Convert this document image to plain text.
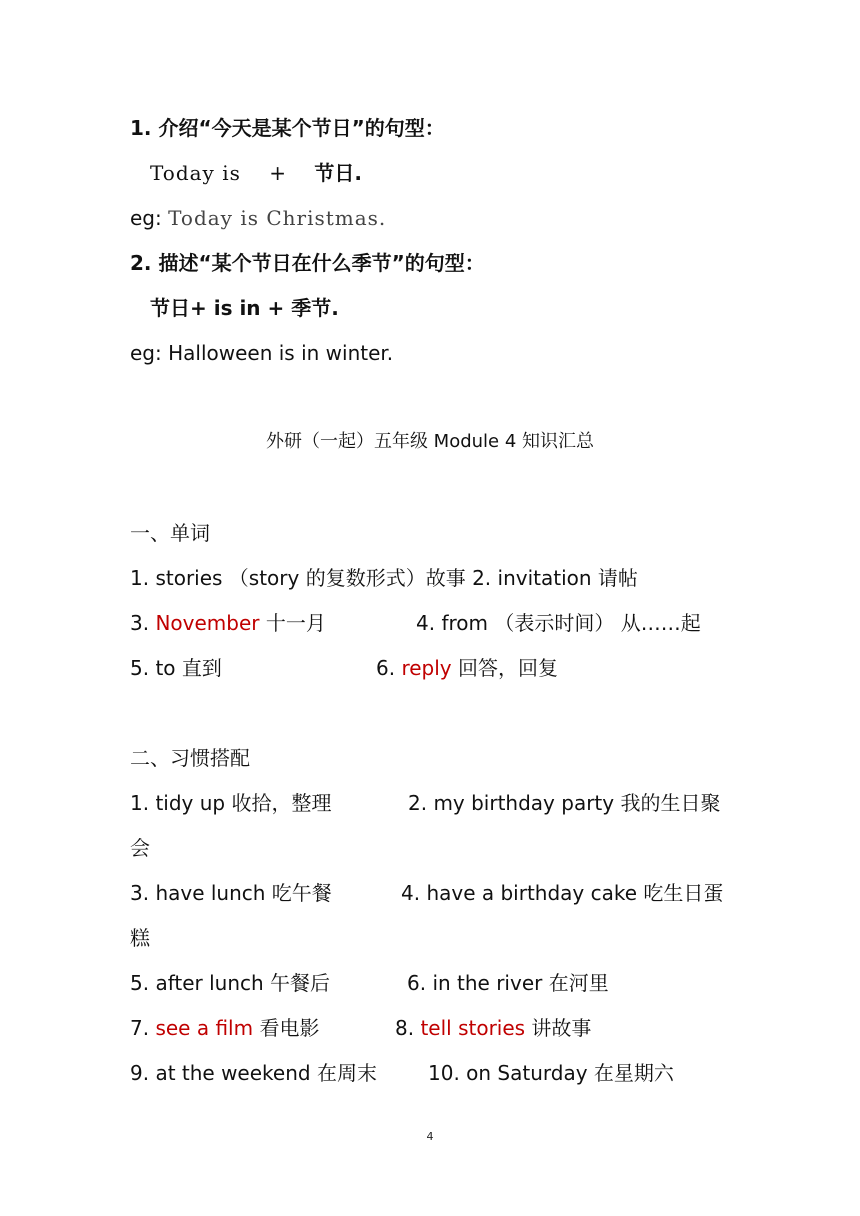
1. 介绍“今天是某个节日”的句型：
Today is + 节日.
eg: Today is Christmas.
2. 描述“某个节日在什么季节”的句型：
节日+ is in + 季节.
eg: Halloween is in winter.
外研（一起）五年级 Module 4 知识汇总
一、单词
1. stories （story 的复数形式）故事 2. invitation 请帖
3. November 十一月	4. from （表示时间） 从……起
5. to 直到	6. reply 回答，回复
二、习惯搭配
1. tidy up 收拾，整理	2. my birthday party 我的生日聚
会
3. have lunch 吃午餐	4. have a birthday cake 吃生日蛋
糕
5. after lunch 午餐后	6. in the river 在河里
7. see a film 看电影	8. tell stories 讲故事
9. at the weekend 在周末	10. on Saturday 在星期六
4
